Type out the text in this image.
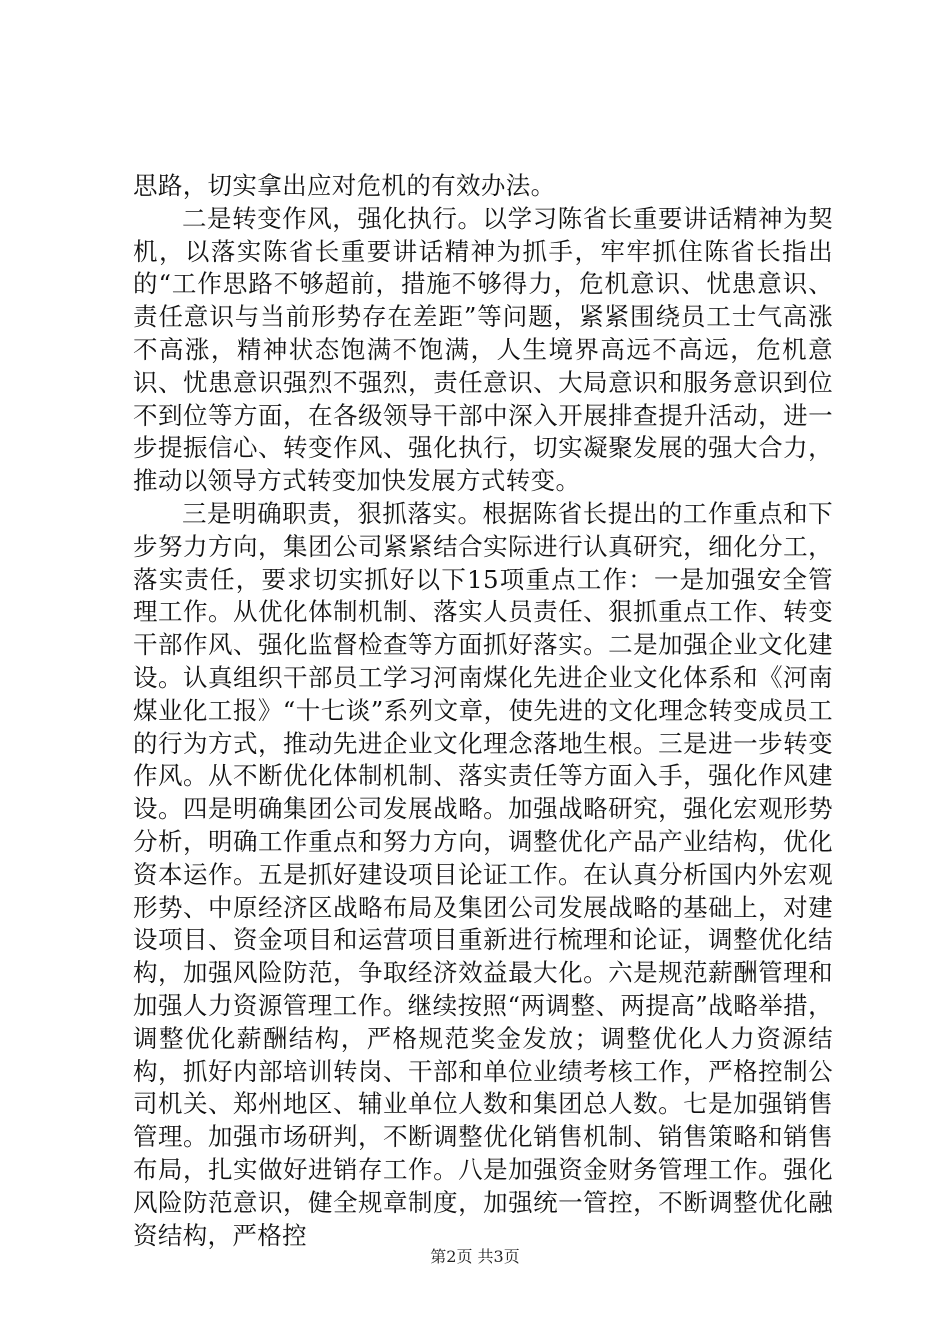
思路，切实拿出应对危机的有效办法。

二是转变作风，强化执行。以学习陈省长重要讲话精神为契机，以落实陈省长重要讲话精神为抓手，牢牢抓住陈省长指出的“工作思路不够超前，措施不够得力，危机意识、忧患意识、责任意识与当前形势存在差距”等问题，紧紧围绕员工士气高涨不高涨，精神状态饱满不饱满，人生境界高远不高远，危机意识、忧患意识强烈不强烈，责任意识、大局意识和服务意识到位不到位等方面，在各级领导干部中深入开展排查提升活动，进一步提振信心、转变作风、强化执行，切实凝聚发展的强大合力，推动以领导方式转变加快发展方式转变。

三是明确职责，狠抓落实。根据陈省长提出的工作重点和下步努力方向，集团公司紧紧结合实际进行认真研究，细化分工，落实责任，要求切实抓好以下15项重点工作：一是加强安全管理工作。从优化体制机制、落实人员责任、狠抓重点工作、转变干部作风、强化监督检查等方面抓好落实。二是加强企业文化建设。认真组织干部员工学习河南煤化先进企业文化体系和《河南煤业化工报》“十七谈”系列文章，使先进的文化理念转变成员工的行为方式，推动先进企业文化理念落地生根。三是进一步转变作风。从不断优化体制机制、落实责任等方面入手，强化作风建设。四是明确集团公司发展战略。加强战略研究，强化宏观形势分析，明确工作重点和努力方向，调整优化产品产业结构，优化资本运作。五是抓好建设项目论证工作。在认真分析国内外宏观形势、中原经济区战略布局及集团公司发展战略的基础上，对建设项目、资金项目和运营项目重新进行梳理和论证，调整优化结构，加强风险防范，争取经济效益最大化。六是规范薪酬管理和加强人力资源管理工作。继续按照“两调整、两提高”战略举措，调整优化薪酬结构，严格规范奖金发放；调整优化人力资源结构，抓好内部培训转岗、干部和单位业绩考核工作，严格控制公司机关、郑州地区、辅业单位人数和集团总人数。七是加强销售管理。加强市场研判，不断调整优化销售机制、销售策略和销售布局，扎实做好进销存工作。八是加强资金财务管理工作。强化风险防范意识，健全规章制度，加强统一管控，不断调整优化融资结构，严格控

第2页 共3页
